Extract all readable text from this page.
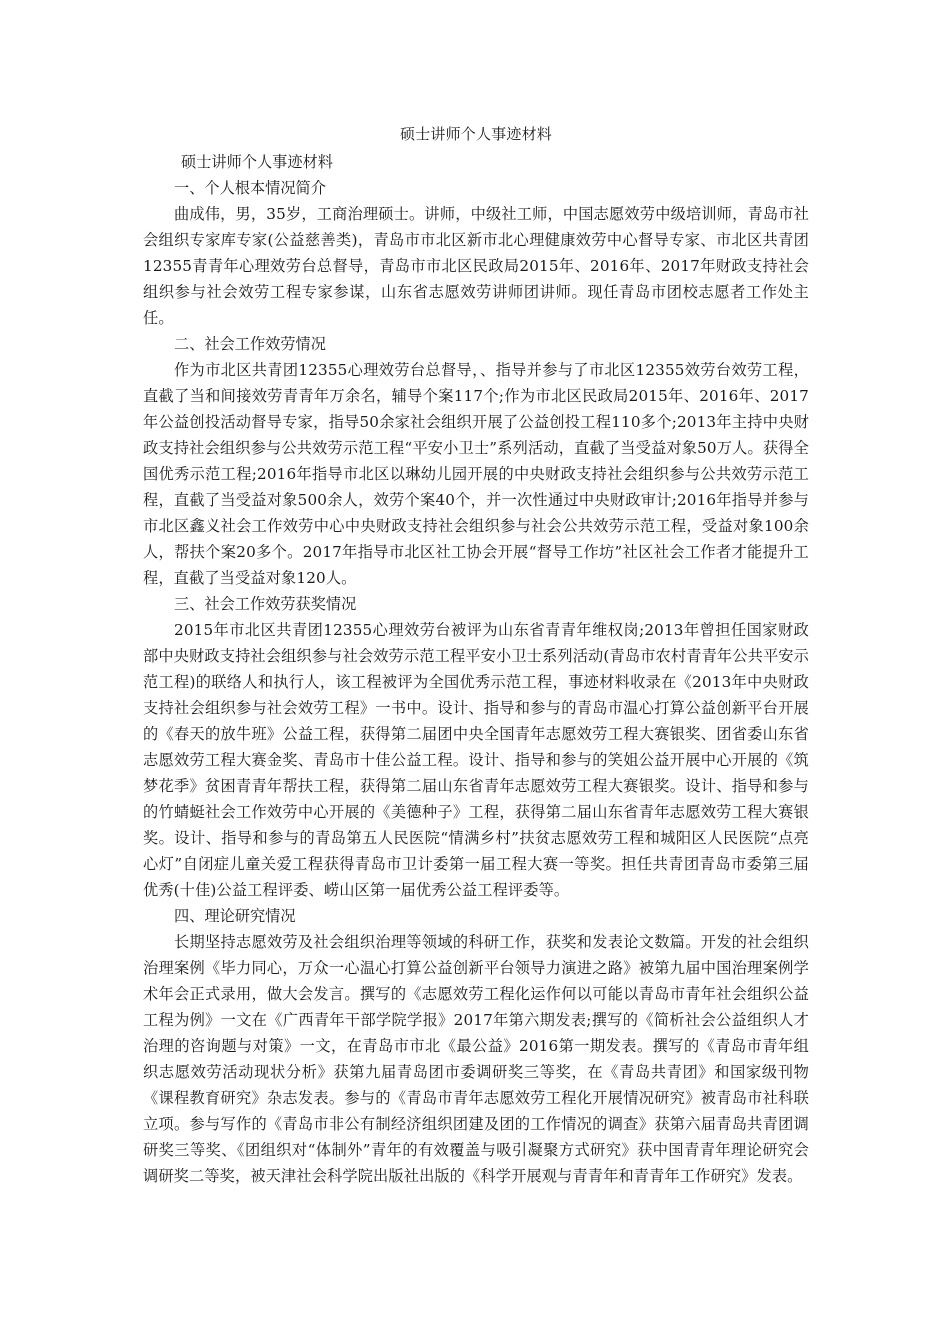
硕士讲师个人事迹材料

硕士讲师个人事迹材料

一、个人根本情况简介

曲成伟，男，35岁，工商治理硕士。讲师，中级社工师，中国志愿效劳中级培训师，青岛市社会组织专家库专家(公益慈善类)，青岛市市北区新市北心理健康效劳中心督导专家、市北区共青团12355青青年心理效劳台总督导，青岛市市北区民政局2015年、2016年、2017年财政支持社会组织参与社会效劳工程专家参谋，山东省志愿效劳讲师团讲师。现任青岛市团校志愿者工作处主任。

二、社会工作效劳情况

作为市北区共青团12355心理效劳台总督导，、指导并参与了市北区12355效劳台效劳工程，直截了当和间接效劳青青年万余名，辅导个案117个;作为市北区民政局2015年、2016年、2017年公益创投活动督导专家，指导50余家社会组织开展了公益创投工程110多个;2013年主持中央财政支持社会组织参与公共效劳示范工程“平安小卫士”系列活动，直截了当受益对象50万人。获得全国优秀示范工程;2016年指导市北区以琳幼儿园开展的中央财政支持社会组织参与公共效劳示范工程，直截了当受益对象500余人，效劳个案40个，并一次性通过中央财政审计;2016年指导并参与市北区鑫义社会工作效劳中心中央财政支持社会组织参与社会公共效劳示范工程，受益对象100余人，帮扶个案20多个。2017年指导市北区社工协会开展“督导工作坊”社区社会工作者才能提升工程，直截了当受益对象120人。

三、社会工作效劳获奖情况

2015年市北区共青团12355心理效劳台被评为山东省青青年维权岗;2013年曾担任国家财政部中央财政支持社会组织参与社会效劳示范工程平安小卫士系列活动(青岛市农村青青年公共平安示范工程)的联络人和执行人，该工程被评为全国优秀示范工程，事迹材料收录在《2013年中央财政支持社会组织参与社会效劳工程》一书中。设计、指导和参与的青岛市温心打算公益创新平台开展的《春天的放牛班》公益工程，获得第二届团中央全国青年志愿效劳工程大赛银奖、团省委山东省志愿效劳工程大赛金奖、青岛市十佳公益工程。设计、指导和参与的笑姐公益开展中心开展的《筑梦花季》贫困青青年帮扶工程，获得第二届山东省青年志愿效劳工程大赛银奖。设计、指导和参与的竹蜻蜓社会工作效劳中心开展的《美德种子》工程，获得第二届山东省青年志愿效劳工程大赛银奖。设计、指导和参与的青岛第五人民医院“情满乡村”扶贫志愿效劳工程和城阳区人民医院“点亮心灯”自闭症儿童关爱工程获得青岛市卫计委第一届工程大赛一等奖。担任共青团青岛市委第三届优秀(十佳)公益工程评委、崂山区第一届优秀公益工程评委等。

四、理论研究情况

长期坚持志愿效劳及社会组织治理等领域的科研工作，获奖和发表论文数篇。开发的社会组织治理案例《毕力同心，万众一心温心打算公益创新平台领导力演进之路》被第九届中国治理案例学术年会正式录用，做大会发言。撰写的《志愿效劳工程化运作何以可能以青岛市青年社会组织公益工程为例》一文在《广西青年干部学院学报》2017年第六期发表;撰写的《简析社会公益组织人才治理的咨询题与对策》一文，在青岛市市北《最公益》2016第一期发表。撰写的《青岛市青年组织志愿效劳活动现状分析》获第九届青岛团市委调研奖三等奖，在《青岛共青团》和国家级刊物《课程教育研究》杂志发表。参与的《青岛市青年志愿效劳工程化开展情况研究》被青岛市社科联立项。参与写作的《青岛市非公有制经济组织团建及团的工作情况的调查》获第六届青岛共青团调研奖三等奖、《团组织对“体制外”青年的有效覆盖与吸引凝聚方式研究》获中国青青年理论研究会调研奖二等奖，被天津社会科学院出版社出版的《科学开展观与青青年和青青年工作研究》发表。
